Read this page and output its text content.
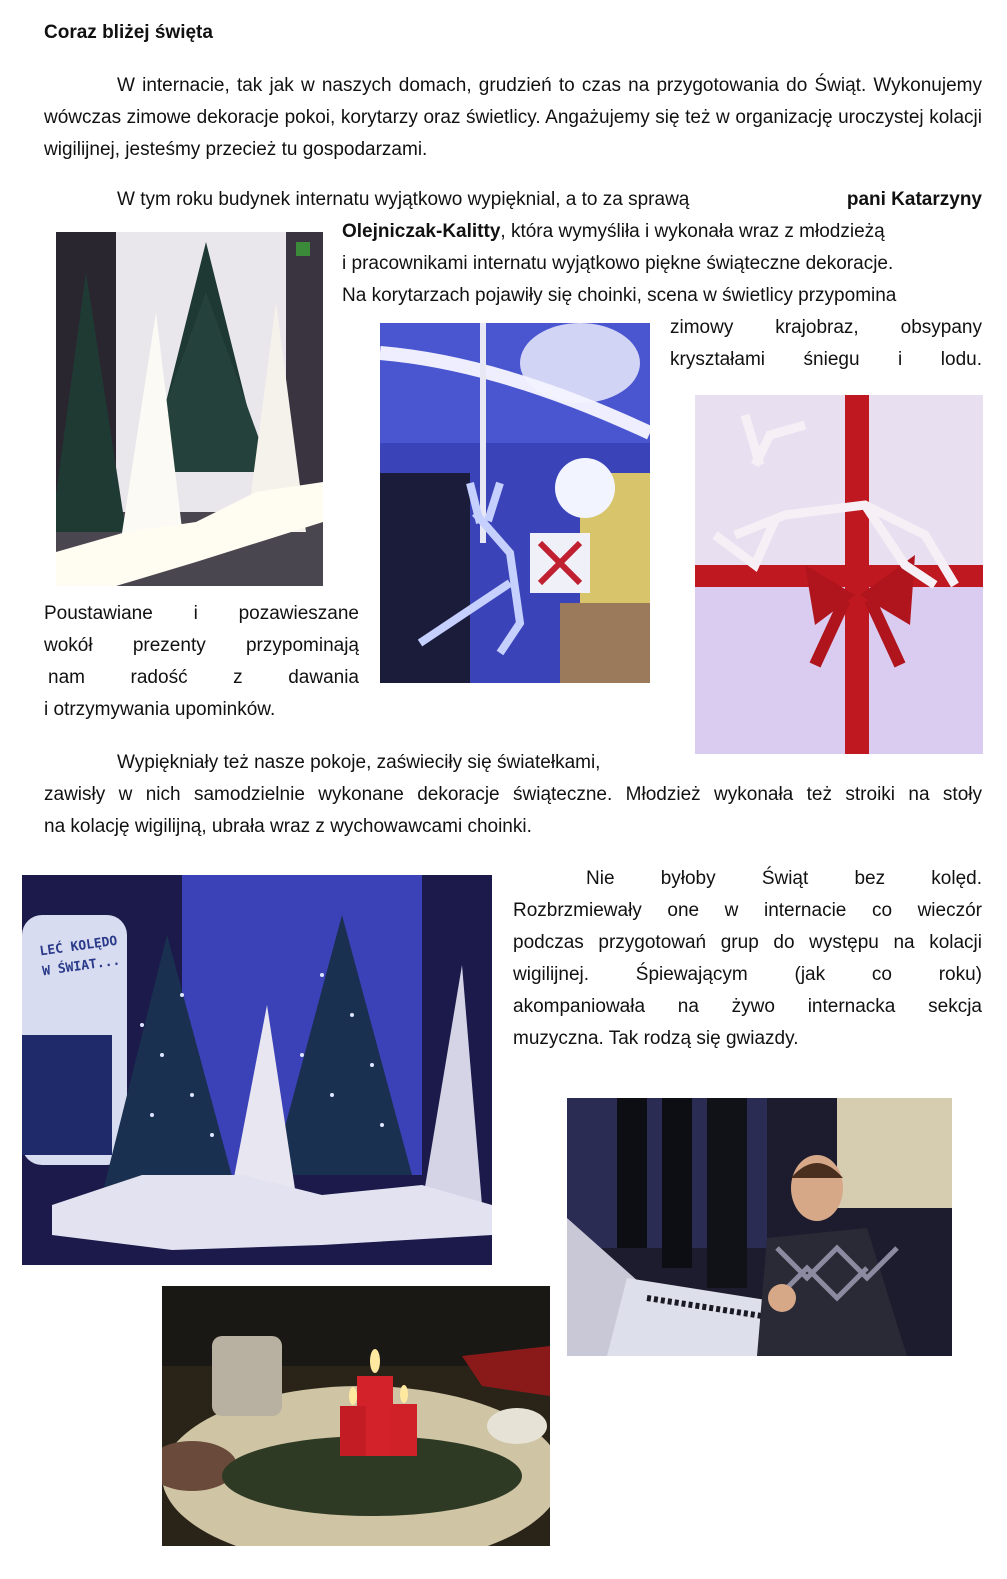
Coraz bliżej święta
W internacie, tak jak w naszych domach, grudzień to czas na przygotowania do Świąt. Wykonujemy wówczas zimowe dekoracje pokoi, korytarzy oraz świetlicy. Angażujemy się też w organizację uroczystej kolacji wigilijnej, jesteśmy przecież tu gospodarzami.
W tym roku budynek internatu wyjątkowo wypięknial, a to za sprawą	pani Katarzyny
Olejniczak-Kalitty, która wymyśliła i wykonała wraz z młodzieżą
i pracownikami internatu wyjątkowo piękne świąteczne dekoracje.
Na korytarzach pojawiły się choinki, scena w świetlicy przypomina
zimowy krajobraz, obsypany
kryształami śniegu i lodu.
Poustawiane i pozawieszane
wokół prezenty przypominają
nam radość z dawania
i otrzymywania upominków.
Wypiękniały też nasze pokoje, zaświeciły się światełkami,
zawisły w nich samodzielnie wykonane dekoracje świąteczne. Młodzież wykonała też stroiki na stoły
na kolację wigilijną, ubrała wraz z wychowawcami choinki.
Nie byłoby Świąt bez kolęd.
Rozbrzmiewały one w internacie co wieczór
podczas przygotowań grup do występu na kolacji
wigilijnej. Śpiewającym (jak co roku)
akompaniowała na żywo internacka sekcja
muzyczna. Tak rodzą się gwiazdy.
LEĆ KOLĘDO W ŚWIAT...
